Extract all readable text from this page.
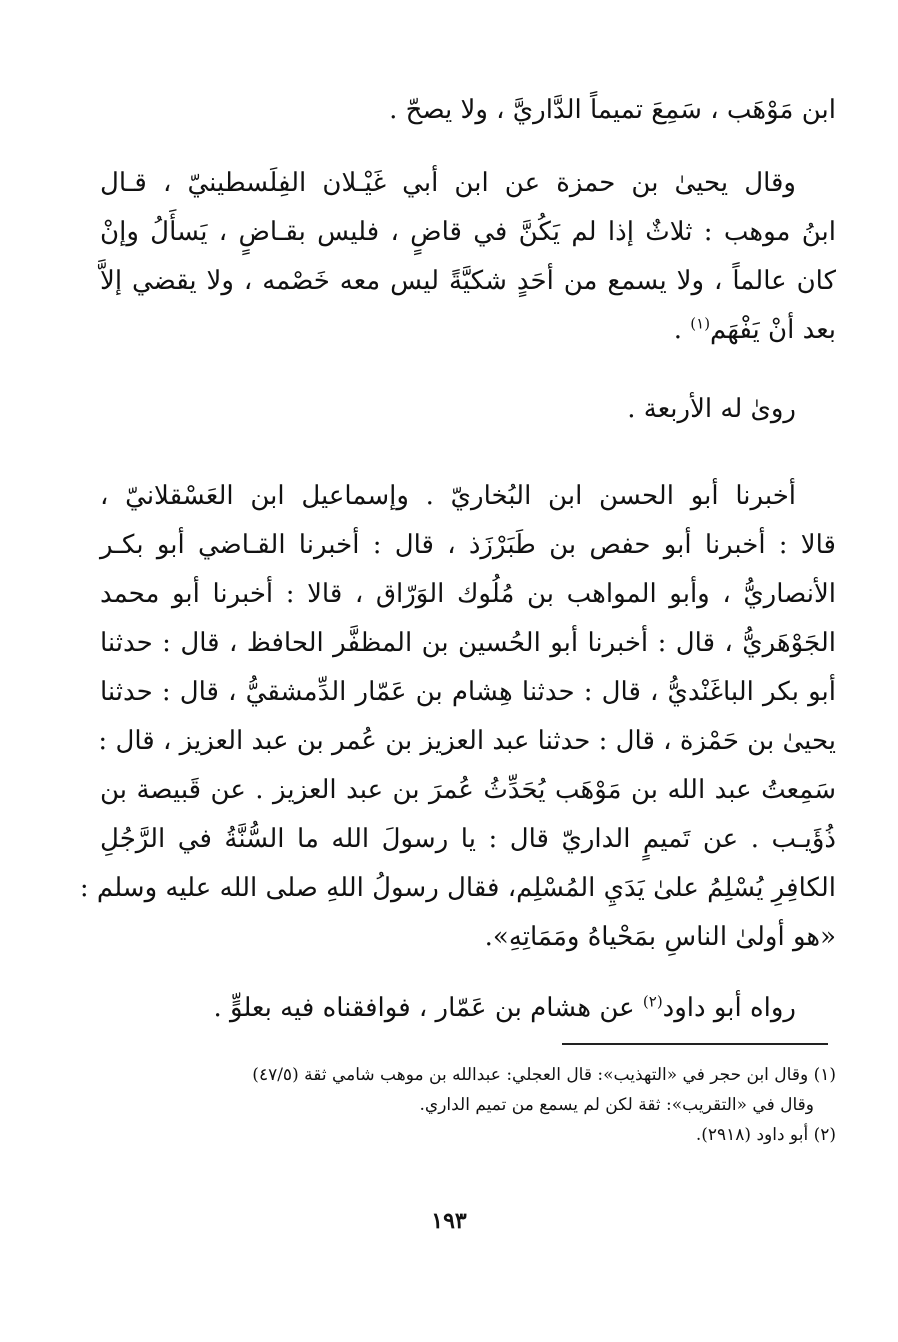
ابن مَوْهَب ، سَمِعَ تميماً الدَّاريَّ ، ولا يصحّ .

وقال يحيىٰ بن حمزة عن ابن أبي غَيْـلان الفِلَسطينيّ ، قـال
ابنُ موهب : ثلاثٌ إذا لم يَكُنَّ في قاضٍ ، فليس بقـاضٍ ، يَسأَلُ وإنْ
كان عالماً ، ولا يسمع من أحَدٍ شكيَّةً ليس معه خَصْمه ، ولا يقضي إلاَّ
بعد أنْ يَفْهَم$^{(١)}$ .

رویٰ له الأربعة .

أخبرنا أبو الحسن ابن البُخاريّ . وإسماعيل ابن العَسْقلانيّ ،
قالا : أخبرنا أبو حفص بن طَبَرْزَذ ، قال : أخبرنا القـاضي أبو بكـر
الأنصاريُّ ، وأبو المواهب بن مُلُوك الوَرّاق ، قالا : أخبرنا أبو محمد
الجَوْهَريُّ ، قال : أخبرنا أبو الحُسين بن المظفَّر الحافظ ، قال : حدثنا
أبو بكر الباغَنْديُّ ، قال : حدثنا هِشام بن عَمّار الدِّمشقيُّ ، قال : حدثنا
يحيىٰ بن حَمْزة ، قال : حدثنا عبد العزيز بن عُمر بن عبد العزيز ، قال :
سَمِعتُ عبد الله بن مَوْهَب يُحَدِّثُ عُمرَ بن عبد العزيز . عن قَبيصة بن
ذُؤَيـب . عن تَميمٍ الداريّ قال : يا رسولَ الله ما السُّنَّةُ في الرَّجُلِ
الكافِرِ يُسْلِمُ علىٰ يَدَيِ المُسْلِم، فقال رسولُ اللهِ صلى الله عليه وسلم :
«هو أولىٰ الناسِ بمَحْياهُ ومَمَاتِهِ».

رواه أبو داود$^{(٢)}$ عن هشام بن عَمّار ، فوافقناه فيه بعلوٍّ .

(١) وقال ابن حجر في «التهذيب»: قال العجلي: عبدالله بن موهب شامي ثقة (٤٧/٥)
وقال في «التقريب»: ثقة لكن لم يسمع من تميم الداري.
(٢) أبو داود (٢٩١٨).
١٩٣
